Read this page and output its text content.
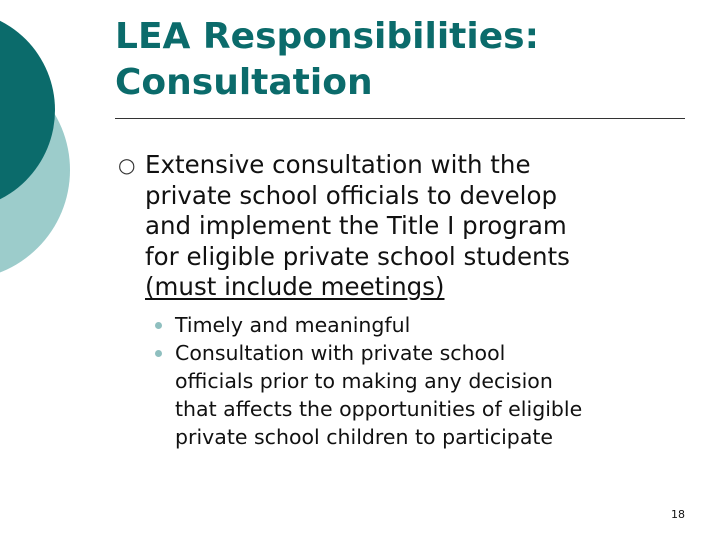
LEA Responsibilities:
Consultation
○ Extensive consultation with the
private school officials to develop
and implement the Title I program
for eligible private school students
(must include meetings)

Timely and meaningful

Consultation with private school
officials prior to making any decision
that affects the opportunities of eligible
private school children to participate

18
